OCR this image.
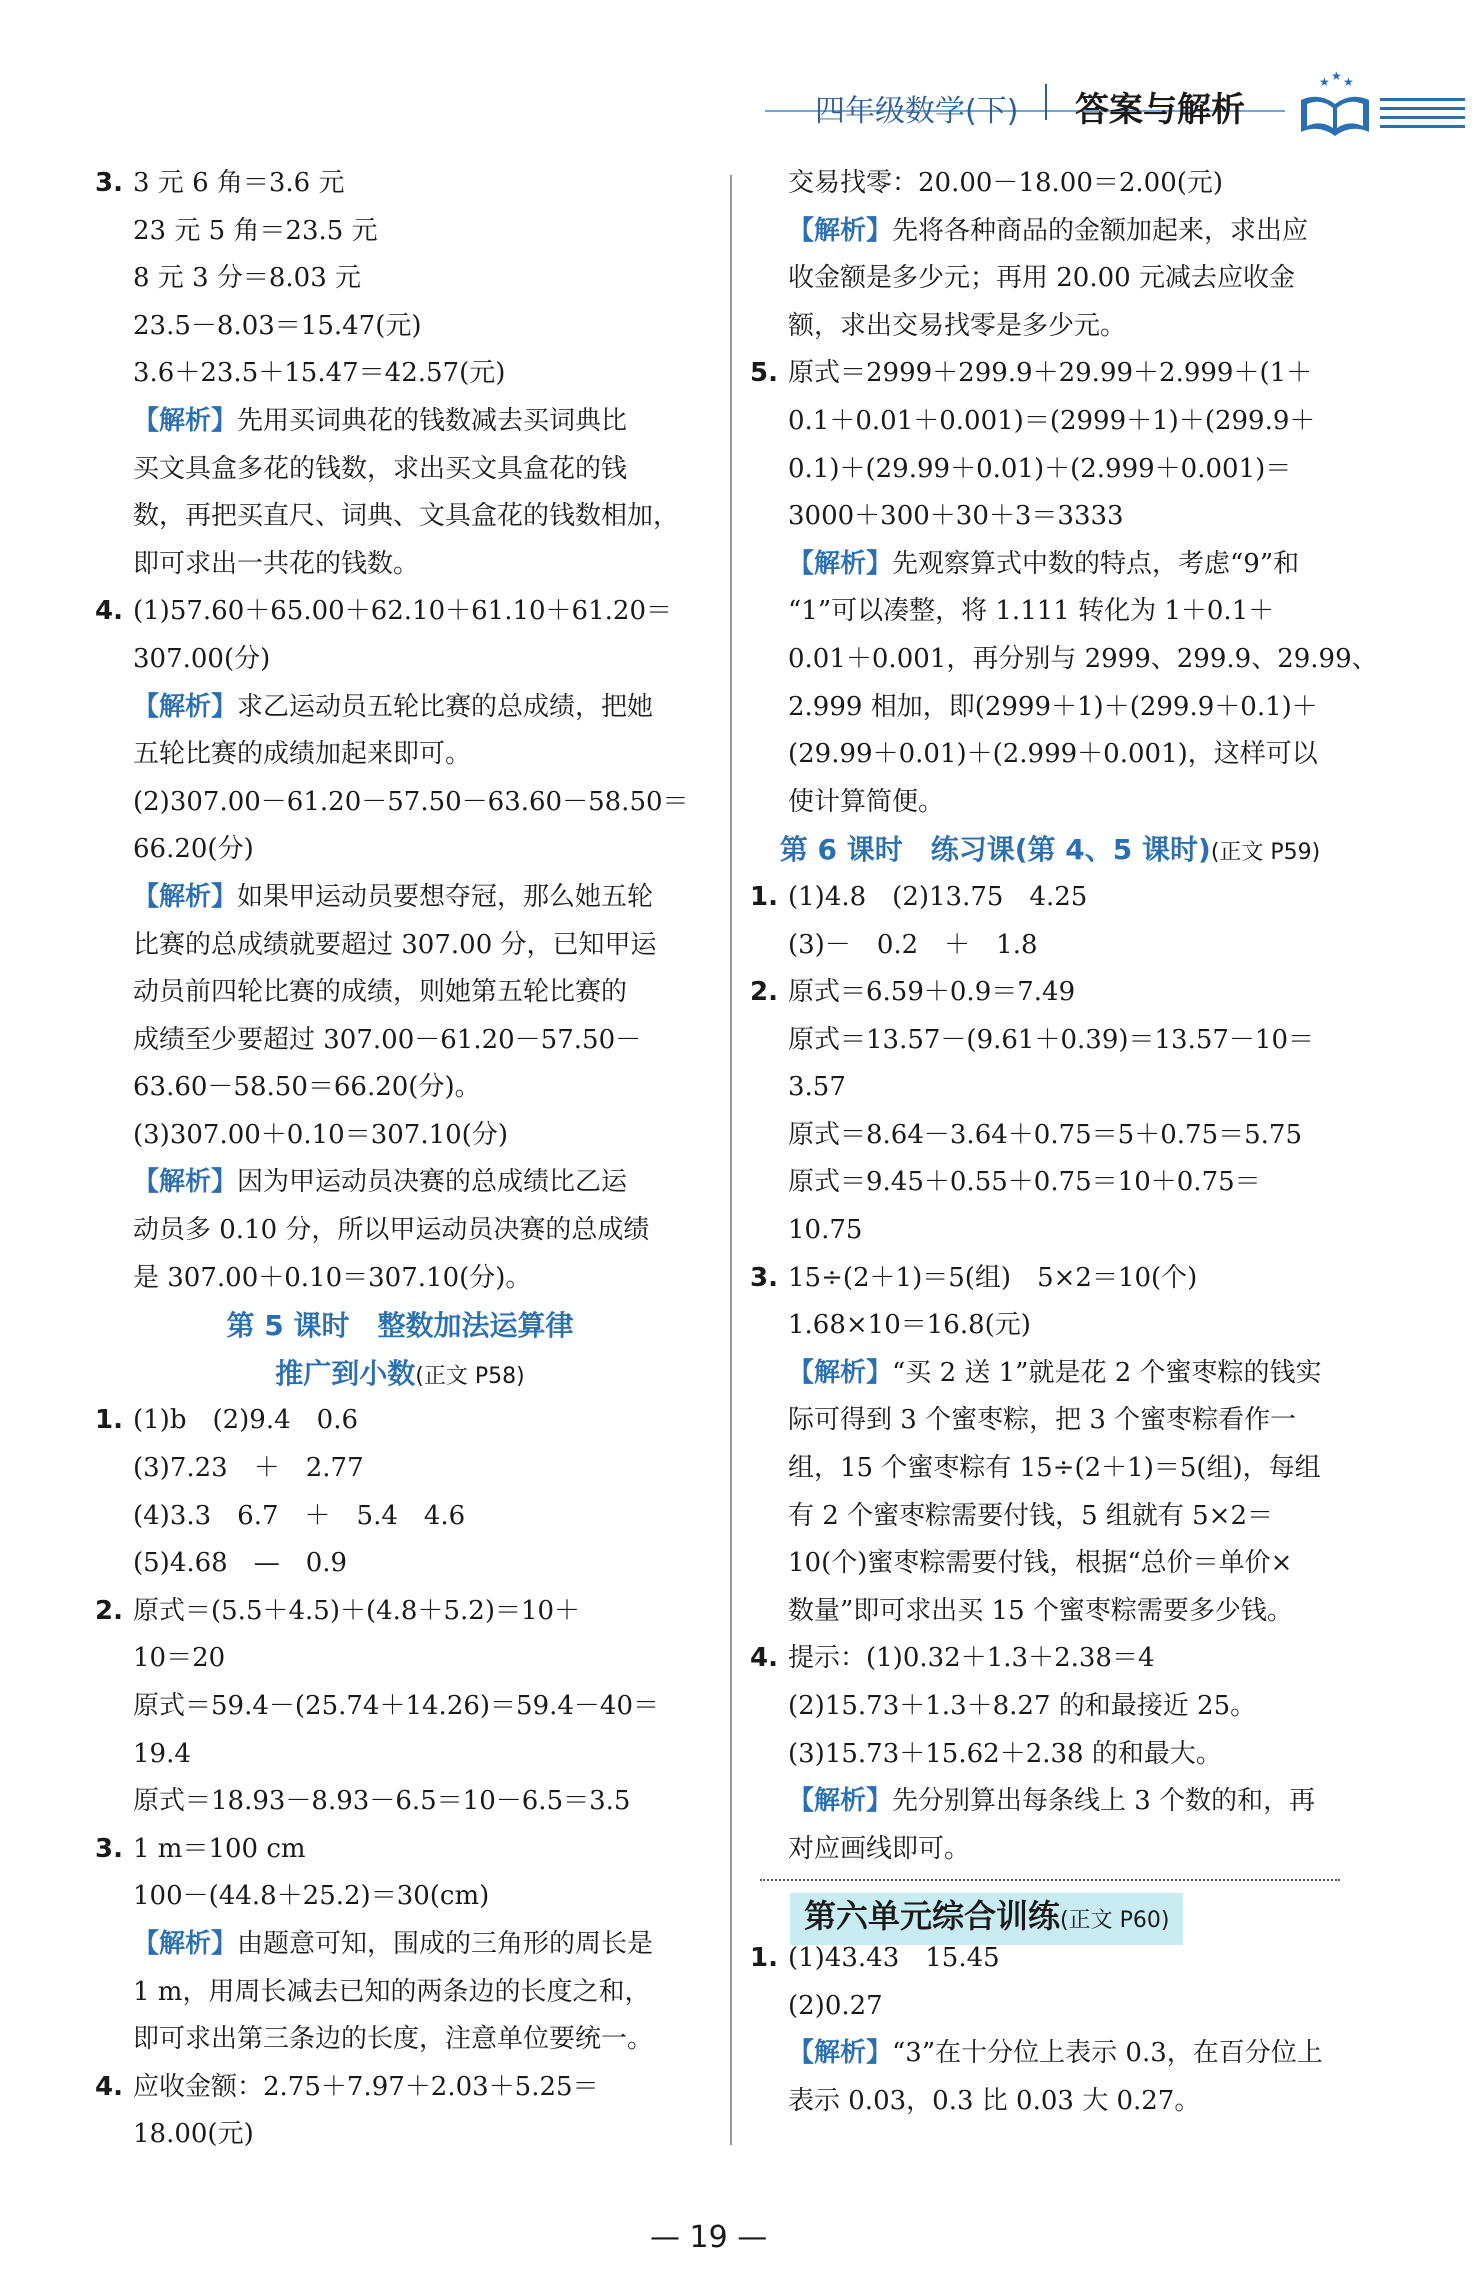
四年级数学(下) 答案与解析
★ ★ ★
3. 3 元 6 角＝3.6 元
23 元 5 角＝23.5 元
8 元 3 分＝8.03 元
23.5－8.03＝15.47(元)
3.6＋23.5＋15.47＝42.57(元)
【解析】先用买词典花的钱数减去买词典比
买文具盒多花的钱数，求出买文具盒花的钱
数，再把买直尺、词典、文具盒花的钱数相加，
即可求出一共花的钱数。
4. (1)57.60＋65.00＋62.10＋61.10＋61.20＝
307.00(分)
【解析】求乙运动员五轮比赛的总成绩，把她
五轮比赛的成绩加起来即可。
(2)307.00－61.20－57.50－63.60－58.50＝
66.20(分)
【解析】如果甲运动员要想夺冠，那么她五轮
比赛的总成绩就要超过 307.00 分，已知甲运
动员前四轮比赛的成绩，则她第五轮比赛的
成绩至少要超过 307.00－61.20－57.50－
63.60－58.50＝66.20(分)。
(3)307.00＋0.10＝307.10(分)
【解析】因为甲运动员决赛的总成绩比乙运
动员多 0.10 分，所以甲运动员决赛的总成绩
是 307.00＋0.10＝307.10(分)。
第 5 课时　整数加法运算律
推广到小数(正文 P58)
1. (1)b　(2)9.4　0.6
(3)7.23　＋　2.77
(4)3.3　6.7　＋　5.4　4.6
(5)4.68　—　0.9
2. 原式＝(5.5＋4.5)＋(4.8＋5.2)＝10＋
10＝20
原式＝59.4－(25.74＋14.26)＝59.4－40＝
19.4
原式＝18.93－8.93－6.5＝10－6.5＝3.5
3. 1 m＝100 cm
100－(44.8＋25.2)＝30(cm)
【解析】由题意可知，围成的三角形的周长是
1 m，用周长减去已知的两条边的长度之和，
即可求出第三条边的长度，注意单位要统一。
4. 应收金额：2.75＋7.97＋2.03＋5.25＝
18.00(元)
交易找零：20.00－18.00＝2.00(元)
【解析】先将各种商品的金额加起来，求出应
收金额是多少元；再用 20.00 元减去应收金
额，求出交易找零是多少元。
5. 原式＝2999＋299.9＋29.99＋2.999＋(1＋
0.1＋0.01＋0.001)＝(2999＋1)＋(299.9＋
0.1)＋(29.99＋0.01)＋(2.999＋0.001)＝
3000＋300＋30＋3＝3333
【解析】先观察算式中数的特点，考虑“9”和
“1”可以凑整，将 1.111 转化为 1＋0.1＋
0.01＋0.001，再分别与 2999、299.9、29.99、
2.999 相加，即(2999＋1)＋(299.9＋0.1)＋
(29.99＋0.01)＋(2.999＋0.001)，这样可以
使计算简便。
第 6 课时　练习课(第 4、5 课时)(正文 P59)
1. (1)4.8　(2)13.75　4.25
(3)－　0.2　＋　1.8
2. 原式＝6.59＋0.9＝7.49
原式＝13.57－(9.61＋0.39)＝13.57－10＝
3.57
原式＝8.64－3.64＋0.75＝5＋0.75＝5.75
原式＝9.45＋0.55＋0.75＝10＋0.75＝
10.75
3. 15÷(2＋1)＝5(组)　5×2＝10(个)
1.68×10＝16.8(元)
【解析】“买 2 送 1”就是花 2 个蜜枣粽的钱实
际可得到 3 个蜜枣粽，把 3 个蜜枣粽看作一
组，15 个蜜枣粽有 15÷(2＋1)＝5(组)，每组
有 2 个蜜枣粽需要付钱，5 组就有 5×2＝
10(个)蜜枣粽需要付钱，根据“总价＝单价×
数量”即可求出买 15 个蜜枣粽需要多少钱。
4. 提示：(1)0.32＋1.3＋2.38＝4
(2)15.73＋1.3＋8.27 的和最接近 25。
(3)15.73＋15.62＋2.38 的和最大。
【解析】先分别算出每条线上 3 个数的和，再
对应画线即可。
第六单元综合训练(正文 P60)
1. (1)43.43　15.45
(2)0.27
【解析】“3”在十分位上表示 0.3，在百分位上
表示 0.03，0.3 比 0.03 大 0.27。
— 19 —
